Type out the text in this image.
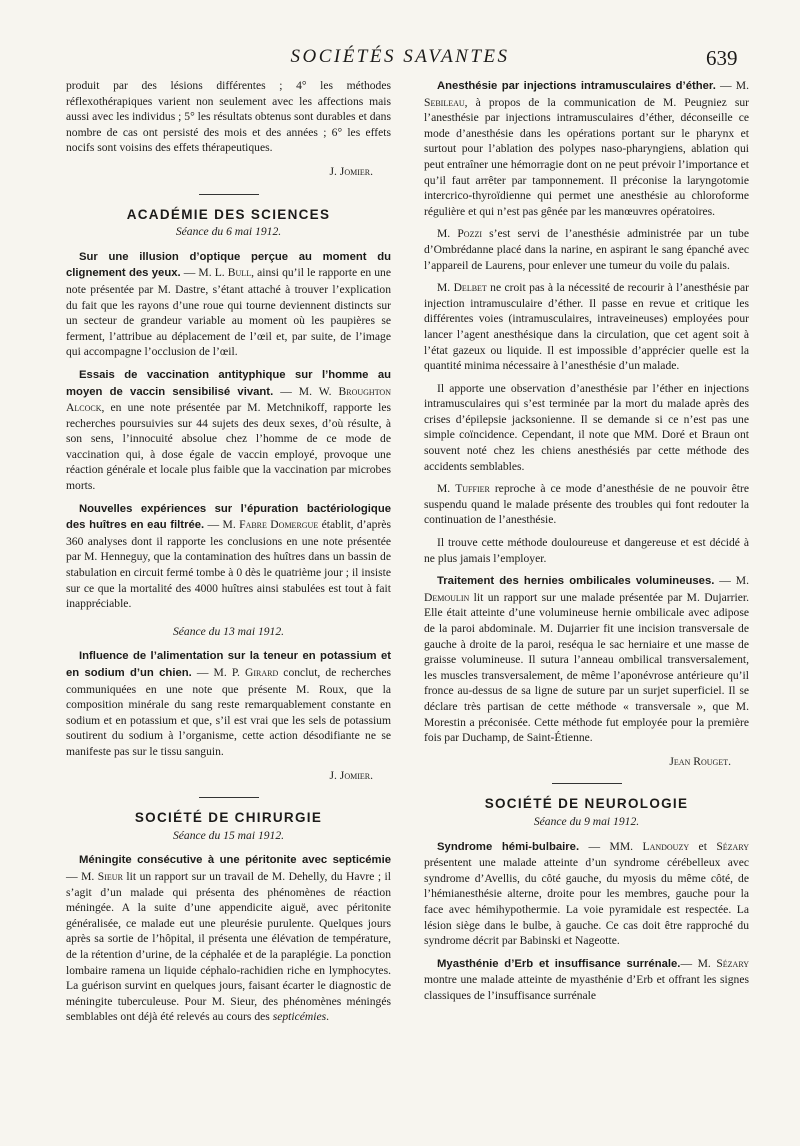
SOCIÉTÉS SAVANTES	639

produit par des lésions différentes ; 4° les méthodes réflexothérapiques varient non seulement avec les affections mais aussi avec les individus ; 5° les résultats obtenus sont durables et dans nombre de cas ont persisté des mois et des années ; 6° les effets nocifs sont voisins des effets thérapeutiques.

J. Jomier.
ACADÉMIE DES SCIENCES
Séance du 6 mai 1912.

Sur une illusion d’optique perçue au moment du clignement des yeux. — M. L. Bull, ainsi qu’il le rapporte en une note présentée par M. Dastre, s’étant attaché à trouver l’explication du fait que les rayons d’une roue qui tourne deviennent distincts sur un secteur de grandeur variable au moment où les paupières se ferment, l’attribue au déplacement de l’œil et, par suite, de l’image qui accompagne l’occlusion de l’œil.

Essais de vaccination antityphique sur l’homme au moyen de vaccin sensibilisé vivant. — M. W. Broughton Alcock, en une note présentée par M. Metchnikoff, rapporte les recherches poursuivies sur 44 sujets des deux sexes, d’où résulte, à son sens, l’innocuité absolue chez l’homme de ce mode de vaccination qui, à dose égale de vaccin employé, provoque une réaction générale et locale plus faible que la vaccination par microbes morts.

Nouvelles expériences sur l’épuration bactériologique des huîtres en eau filtrée. — M. Fabre Domergue établit, d’après 360 analyses dont il rapporte les conclusions en une note présentée par M. Henneguy, que la contamination des huîtres dans un bassin de stabulation en circuit fermé tombe à 0 dès le quatrième jour ; il insiste sur ce que la mortalité des 4000 huîtres ainsi stabulées est tout à fait inappréciable.

Séance du 13 mai 1912.

Influence de l’alimentation sur la teneur en potassium et en sodium d’un chien. — M. P. Girard conclut, de recherches communiquées en une note que présente M. Roux, que la composition minérale du sang reste remarquablement constante en sodium et en potassium et que, s’il est vrai que les sels de potassium soutirent du sodium à l’organisme, cette action désodifiante ne se manifeste pas sur le tissu sanguin.

J. Jomier.
SOCIÉTÉ DE CHIRURGIE
Séance du 15 mai 1912.

Méningite consécutive à une péritonite avec septicémie — M. Sieur lit un rapport sur un travail de M. Dehelly, du Havre ; il s’agit d’un malade qui présenta des phénomènes de réaction méningée. A la suite d’une appendicite aiguë, avec péritonite généralisée, ce malade eut une pleurésie purulente. Quelques jours après sa sortie de l’hôpital, il présenta une élévation de température, de la rétention d’urine, de la céphalée et de la paraplégie. La ponction lombaire ramena un liquide céphalo-rachidien riche en lymphocytes. La guérison survint en quelques jours, faisant écarter le diagnostic de méningite tuberculeuse. Pour M. Sieur, des phénomènes méningés semblables ont déjà été relevés au cours des septicémies.

Anesthésie par injections intramusculaires d’éther. — M. Sebileau, à propos de la communication de M. Peugniez sur l’anesthésie par injections intramusculaires d’éther, déconseille ce mode d’anesthésie dans les opérations portant sur le pharynx et surtout pour l’ablation des polypes naso-pharyngiens, ablation qui peut entraîner une hémorragie dont on ne peut prévoir l’importance et qu’il faut arrêter par tamponnement. Il préconise la laryngotomie intercrico-thyroïdienne qui permet une anesthésie au chloroforme régulière et qui n’est pas gênée par les manœuvres opératoires.

M. Pozzi s’est servi de l’anesthésie administrée par un tube d’Ombrédanne placé dans la narine, en aspirant le sang épanché avec l’appareil de Laurens, pour enlever une tumeur du voile du palais.

M. Delbet ne croit pas à la nécessité de recourir à l’anesthésie par injection intramusculaire d’éther. Il passe en revue et critique les différentes voies (intramusculaires, intraveineuses) employées pour lancer l’agent anesthésique dans la circulation, que cet agent soit à l’état gazeux ou liquide. Il est impossible d’apprécier quelle est la quantité minima nécessaire à l’anesthésie d’un malade.

Il apporte une observation d’anesthésie par l’éther en injections intramusculaires qui s’est terminée par la mort du malade après des crises d’épilepsie jacksonienne. Il se demande si ce n’est pas une simple coïncidence. Cependant, il note que MM. Doré et Braun ont souvent noté chez les chiens anesthésiés par cette méthode des accidents semblables.

M. Tuffier reproche à ce mode d’anesthésie de ne pouvoir être suspendu quand le malade présente des troubles qui font redouter la continuation de l’anesthésie.

Il trouve cette méthode douloureuse et dangereuse et est décidé à ne plus jamais l’employer.

Traitement des hernies ombilicales volumineuses. — M. Demoulin lit un rapport sur une malade présentée par M. Dujarrier. Elle était atteinte d’une volumineuse hernie ombilicale avec adipose de la paroi abdominale. M. Dujarrier fit une incision transversale de gauche à droite de la paroi, reséqua le sac herniaire et une masse de graisse volumineuse. Il sutura l’anneau ombilical transversalement, les muscles transversalement, de même l’aponévrose antérieure qu’il fronce au-dessus de sa ligne de suture par un surjet superficiel. Il se déclare très partisan de cette méthode « transversale », que M. Morestin a préconisée. Cette méthode fut employée pour la première fois par Duchamp, de Saint-Étienne.

Jean Rouget.
SOCIÉTÉ DE NEUROLOGIE
Séance du 9 mai 1912.

Syndrome hémi-bulbaire. — MM. Landouzy et Sézary présentent une malade atteinte d’un syndrome cérébelleux avec syndrome d’Avellis, du côté gauche, du myosis du même côté, de l’hémianesthésie alterne, droite pour les membres, gauche pour la face avec hémihypothermie. La voie pyramidale est respectée. La lésion siège dans le bulbe, à gauche. Ce cas doit être rapproché du syndrome décrit par Babinski et Nageotte.

Myasthénie d’Erb et insuffisance surrénale.— M. Sézary montre une malade atteinte de myasthénie d’Erb et offrant les signes classiques de l’insuffisance surrénale
